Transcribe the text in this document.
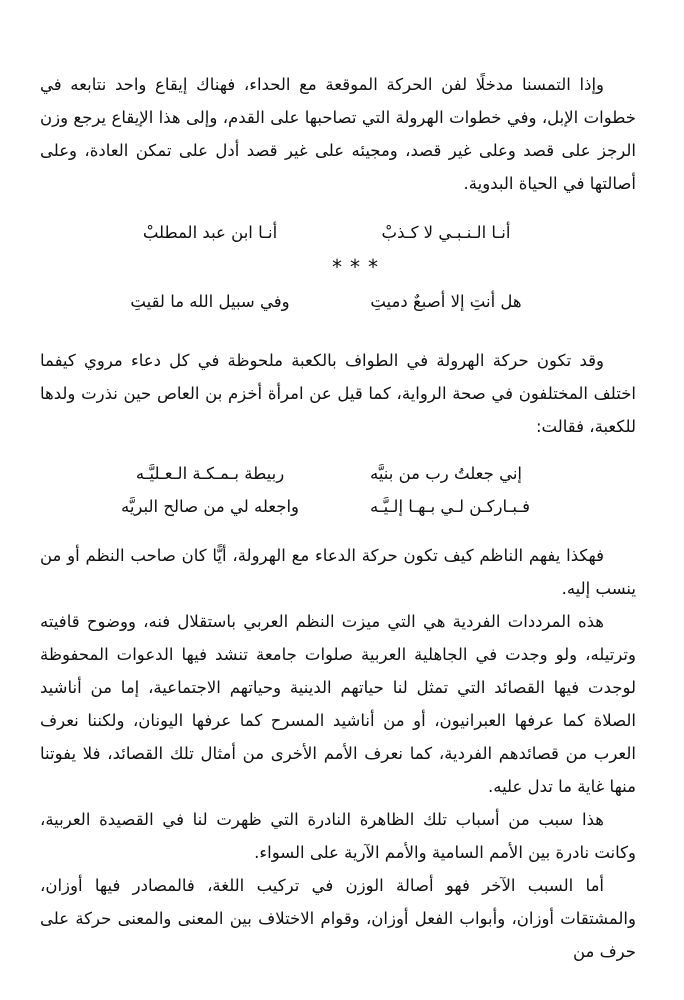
وإذا التمسنا مدخلًا لفن الحركة الموقعة مع الحداء، فهناك إيقاع واحد نتابعه في خطوات الإبل، وفي خطوات الهرولة التي تصاحبها على القدم، وإلى هذا الإيقاع يرجع وزن الرجز على قصد وعلى غير قصد، ومجيئه على غير قصد أدل على تمكن العادة، وعلى أصالتها في الحياة البدوية.

أنـا الـنـبـي لا كـذبْ
أنـا ابن عبد المطلبْ
***
هل أنتِ إلا أصبعٌ دميتِ
وفي سبيل الله ما لقيتِ

وقد تكون حركة الهرولة في الطواف بالكعبة ملحوظة في كل دعاء مروي كيفما اختلف المختلفون في صحة الرواية، كما قيل عن امرأة أخزم بن العاص حين نذرت ولدها للكعبة، فقالت:

إني جعلتُ رب من بنيَّه
ربيطة بـمـكـة الـعـليَّـه
فـبـاركـن لـي بـهـا إلـيَّـه
واجعله لي من صالح البريَّه

فهكذا يفهم الناظم كيف تكون حركة الدعاء مع الهرولة، أيًّا كان صاحب النظم أو من ينسب إليه.

هذه المرددات الفردية هي التي ميزت النظم العربي باستقلال فنه، ووضوح قافيته وترتيله، ولو وجدت في الجاهلية العربية صلوات جامعة تنشد فيها الدعوات المحفوظة لوجدت فيها القصائد التي تمثل لنا حياتهم الدينية وحياتهم الاجتماعية، إما من أناشيد الصلاة كما عرفها العبرانيون، أو من أناشيد المسرح كما عرفها اليونان، ولكننا نعرف العرب من قصائدهم الفردية، كما نعرف الأمم الأخرى من أمثال تلك القصائد، فلا يفوتنا منها غاية ما تدل عليه.

هذا سبب من أسباب تلك الظاهرة النادرة التي ظهرت لنا في القصيدة العربية، وكانت نادرة بين الأمم السامية والأمم الآرية على السواء.

أما السبب الآخر فهو أصالة الوزن في تركيب اللغة، فالمصادر فيها أوزان، والمشتقات أوزان، وأبواب الفعل أوزان، وقوام الاختلاف بين المعنى والمعنى حركة على حرف من
